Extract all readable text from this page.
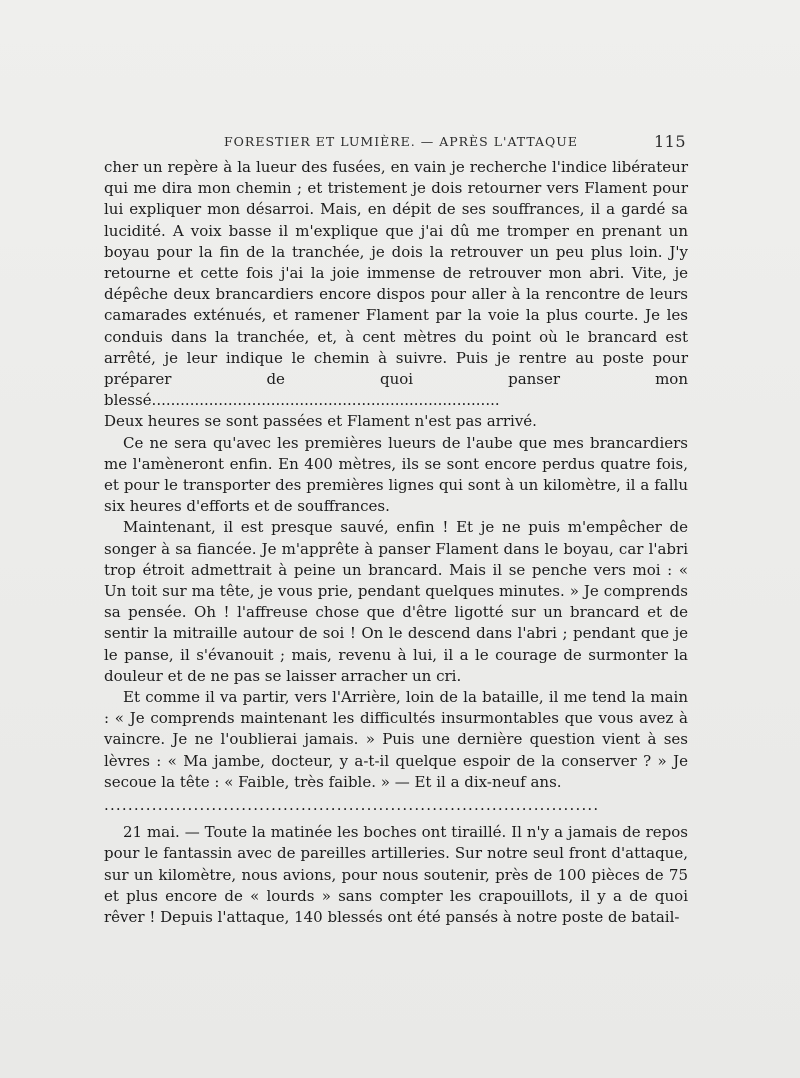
FORESTIER ET LUMIÈRE. — APRÈS L'ATTAQUE	115

cher un repère à la lueur des fusées, en vain je recherche l'indice libérateur qui me dira mon chemin ; et tristement je dois retourner vers Flament pour lui expliquer mon désarroi. Mais, en dépit de ses souffrances, il a gardé sa lucidité. A voix basse il m'explique que j'ai dû me tromper en prenant un boyau pour la fin de la tranchée, je dois la retrouver un peu plus loin. J'y retourne et cette fois j'ai la joie immense de retrouver mon abri. Vite, je dépêche deux brancardiers encore dispos pour aller à la rencontre de leurs camarades exténués, et ramener Flament par la voie la plus courte. Je les conduis dans la tranchée, et, à cent mètres du point où le brancard est arrêté, je leur indique le chemin à suivre. Puis je rentre au poste pour préparer de quoi panser mon blessé.........................................................................

Deux heures se sont passées et Flament n'est pas arrivé.

Ce ne sera qu'avec les premières lueurs de l'aube que mes brancardiers me l'amèneront enfin. En 400 mètres, ils se sont encore perdus quatre fois, et pour le transporter des premières lignes qui sont à un kilomètre, il a fallu six heures d'efforts et de souffrances.

Maintenant, il est presque sauvé, enfin ! Et je ne puis m'empêcher de songer à sa fiancée. Je m'apprête à panser Flament dans le boyau, car l'abri trop étroit admettrait à peine un brancard. Mais il se penche vers moi : « Un toit sur ma tête, je vous prie, pendant quelques minutes. » Je comprends sa pensée. Oh ! l'affreuse chose que d'être ligotté sur un brancard et de sentir la mitraille autour de soi ! On le descend dans l'abri ; pendant que je le panse, il s'évanouit ; mais, revenu à lui, il a le courage de surmonter la douleur et de ne pas se laisser arracher un cri.

Et comme il va partir, vers l'Arrière, loin de la bataille, il me tend la main : « Je comprends maintenant les difficultés insurmontables que vous avez à vaincre. Je ne l'oublierai jamais. » Puis une dernière question vient à ses lèvres : « Ma jambe, docteur, y a-t-il quelque espoir de la conserver ? » Je secoue la tête : « Faible, très faible. » — Et il a dix-neuf ans.

...................................................................................

21 mai. — Toute la matinée les boches ont tiraillé. Il n'y a jamais de repos pour le fantassin avec de pareilles artilleries. Sur notre seul front d'attaque, sur un kilomètre, nous avions, pour nous soutenir, près de 100 pièces de 75 et plus encore de « lourds » sans compter les crapouillots, il y a de quoi rêver ! Depuis l'attaque, 140 blessés ont été pansés à notre poste de batail-
